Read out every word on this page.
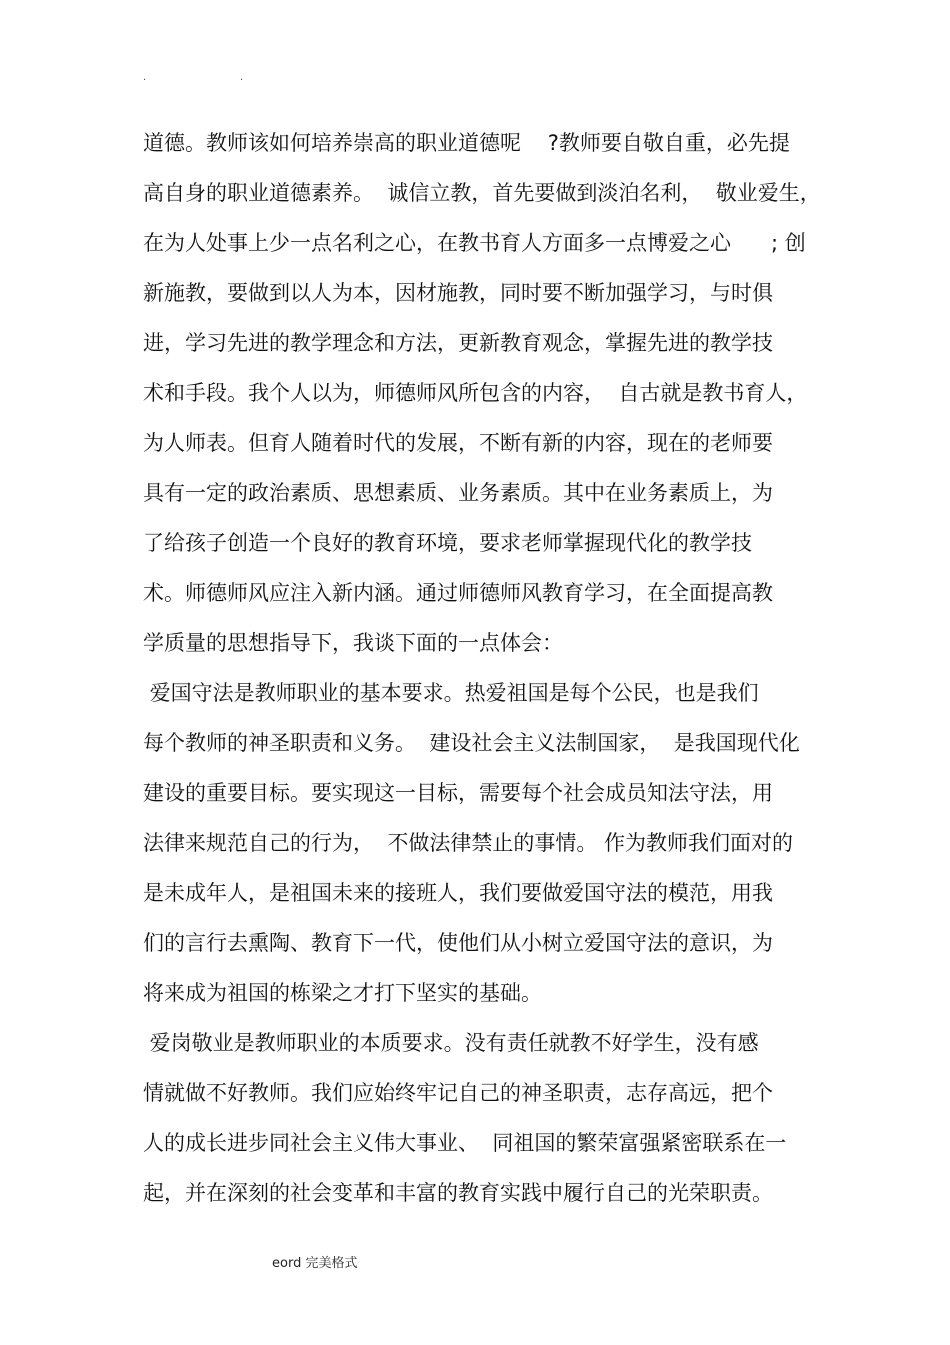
.	.
道德。教师该如何培养崇高的职业道德呢    ?教师要自敬自重，必先提
高自身的职业道德素养。  诚信立教，首先要做到淡泊名利，  敬业爱生，
在为人处事上少一点名利之心，在教书育人方面多一点博爱之心      ; 创
新施教，要做到以人为本，因材施教，同时要不断加强学习，与时俱
进，学习先进的教学理念和方法，更新教育观念，掌握先进的教学技
术和手段。我个人以为，师德师风所包含的内容，  自古就是教书育人，
为人师表。但育人随着时代的发展，不断有新的内容，现在的老师要
具有一定的政治素质、思想素质、业务素质。其中在业务素质上，为
了给孩子创造一个良好的教育环境，要求老师掌握现代化的教学技
术。师德师风应注入新内涵。通过师德师风教育学习，在全面提高教
学质量的思想指导下，我谈下面的一点体会：
爱国守法是教师职业的基本要求。热爱祖国是每个公民，也是我们
每个教师的神圣职责和义务。  建设社会主义法制国家，  是我国现代化
建设的重要目标。要实现这一目标，需要每个社会成员知法守法，用
法律来规范自己的行为，  不做法律禁止的事情。 作为教师我们面对的
是未成年人，是祖国未来的接班人，我们要做爱国守法的模范，用我
们的言行去熏陶、教育下一代，使他们从小树立爱国守法的意识，为
将来成为祖国的栋梁之才打下坚实的基础。
爱岗敬业是教师职业的本质要求。没有责任就教不好学生，没有感
情就做不好教师。我们应始终牢记自己的神圣职责，志存高远，把个
人的成长进步同社会主义伟大事业、  同祖国的繁荣富强紧密联系在一
起，并在深刻的社会变革和丰富的教育实践中履行自己的光荣职责。
eord 完美格式
